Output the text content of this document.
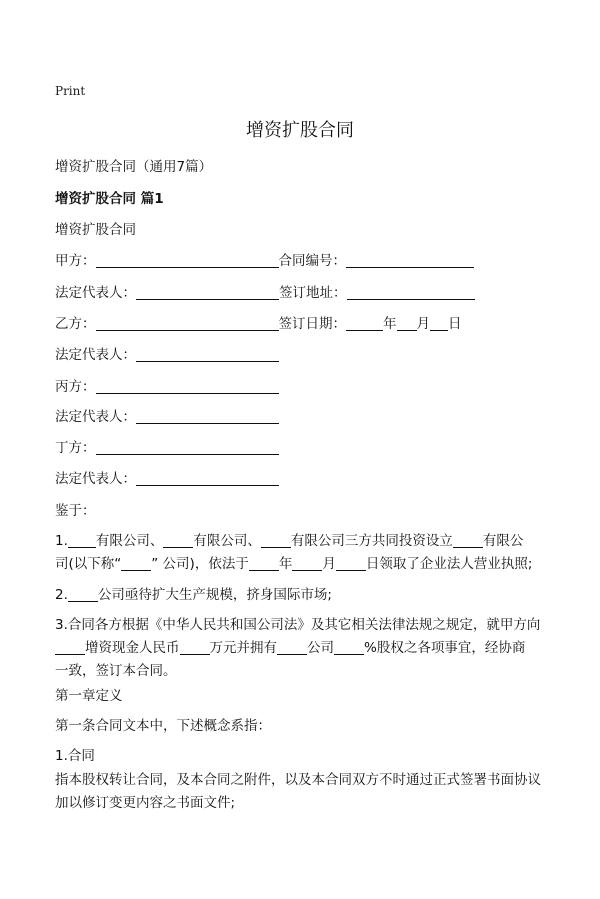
Print
增资扩股合同
增资扩股合同（通用7篇）
增资扩股合同 篇1
增资扩股合同
甲方：	合同编号：
法定代表人：	签订地址：
乙方：	签订日期：	年 月 日
法定代表人：
丙方：
法定代表人：
丁方：
法定代表人：
鉴于：
1. 有限公司、 有限公司、 有限公司三方共同投资设立 有限公
司(以下称“ ” 公司)，依法于 年 月 日领取了企业法人营业执照;
2. 公司亟待扩大生产规模，挤身国际市场;
3.合同各方根据《中华人民共和国公司法》及其它相关法律法规之规定，就甲方向
增资现金人民币 万元并拥有 公司 %股权之各项事宜，经协商
一致，签订本合同。
第一章定义
第一条合同文本中，下述概念系指：
1.合同
指本股权转让合同，及本合同之附件，以及本合同双方不时通过正式签署书面协议加以修订变更内容之书面文件;
